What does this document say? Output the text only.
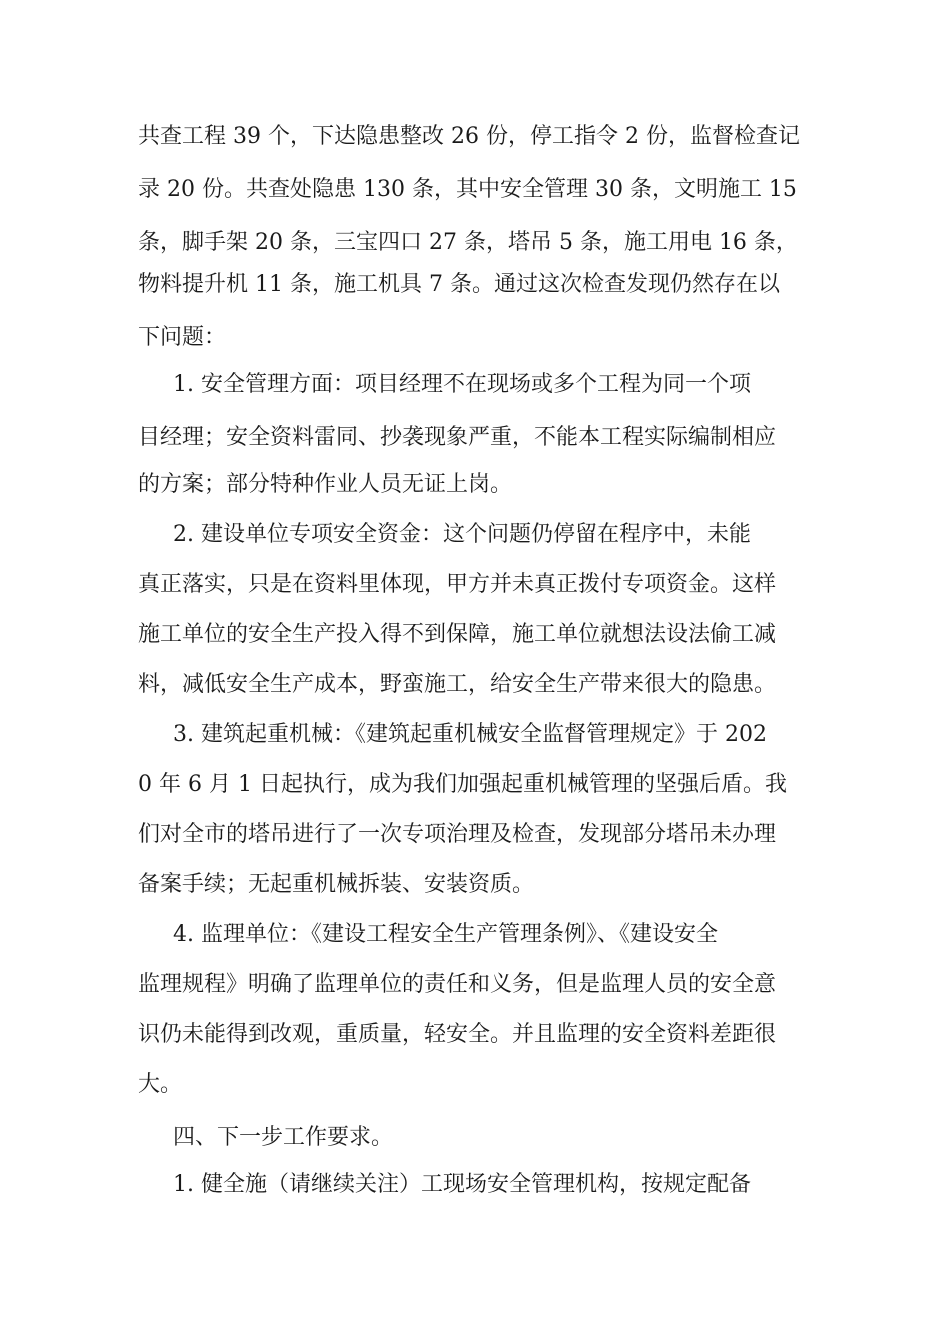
共查工程 39 个，下达隐患整改 26 份，停工指令 2 份，监督检查记

录 20 份。共查处隐患 130 条，其中安全管理 30 条，文明施工 15

条，脚手架 20 条，三宝四口 27 条，塔吊 5 条，施工用电 16 条，

物料提升机 11 条，施工机具 7 条。通过这次检查发现仍然存在以

下问题：

1. 安全管理方面：项目经理不在现场或多个工程为同一个项

目经理；安全资料雷同、抄袭现象严重，不能本工程实际编制相应

的方案；部分特种作业人员无证上岗。

2. 建设单位专项安全资金：这个问题仍停留在程序中，未能

真正落实，只是在资料里体现，甲方并未真正拨付专项资金。这样

施工单位的安全生产投入得不到保障，施工单位就想法设法偷工减

料，减低安全生产成本，野蛮施工，给安全生产带来很大的隐患。

3. 建筑起重机械：《建筑起重机械安全监督管理规定》于 202

0 年 6 月 1 日起执行，成为我们加强起重机械管理的坚强后盾。我

们对全市的塔吊进行了一次专项治理及检查，发现部分塔吊未办理

备案手续；无起重机械拆装、安装资质。

4. 监理单位：《建设工程安全生产管理条例》、《建设安全

监理规程》明确了监理单位的责任和义务，但是监理人员的安全意

识仍未能得到改观，重质量，轻安全。并且监理的安全资料差距很

大。

四、下一步工作要求。

1. 健全施（请继续关注）工现场安全管理机构，按规定配备
